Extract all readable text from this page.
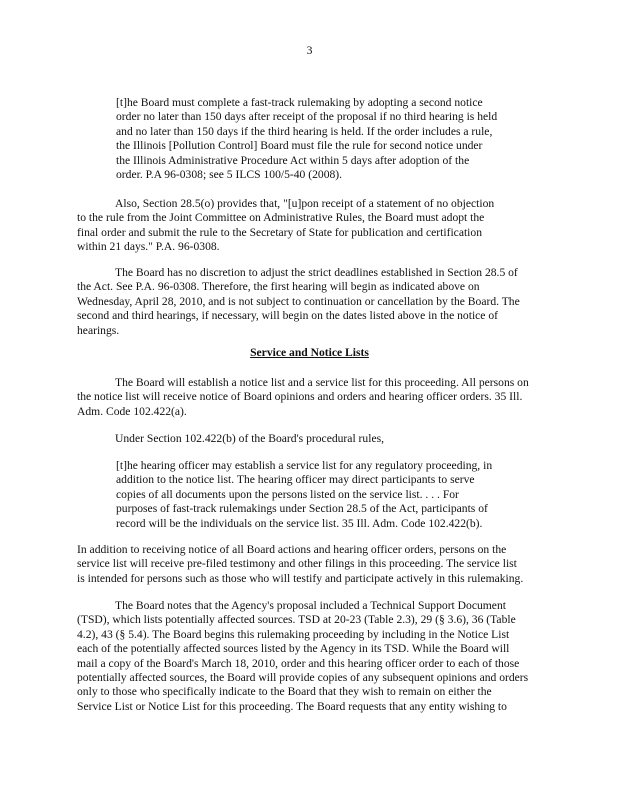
3
[t]he Board must complete a fast-track rulemaking by adopting a second notice
order no later than 150 days after receipt of the proposal if no third hearing is held
and no later than 150 days if the third hearing is held. If the order includes a rule,
the Illinois [Pollution Control] Board must file the rule for second notice under
the Illinois Administrative Procedure Act within 5 days after adoption of the
order. P.A 96-0308; see 5 ILCS 100/5-40 (2008).
Also, Section 28.5(o) provides that, "[u]pon receipt of a statement of no objection
to the rule from the Joint Committee on Administrative Rules, the Board must adopt the
final order and submit the rule to the Secretary of State for publication and certification
within 21 days." P.A. 96-0308.
The Board has no discretion to adjust the strict deadlines established in Section 28.5 of
the Act. See P.A. 96-0308. Therefore, the first hearing will begin as indicated above on
Wednesday, April 28, 2010, and is not subject to continuation or cancellation by the Board. The
second and third hearings, if necessary, will begin on the dates listed above in the notice of
hearings.
Service and Notice Lists
The Board will establish a notice list and a service list for this proceeding. All persons on
the notice list will receive notice of Board opinions and orders and hearing officer orders. 35 Ill.
Adm. Code 102.422(a).
Under Section 102.422(b) of the Board's procedural rules,
[t]he hearing officer may establish a service list for any regulatory proceeding, in
addition to the notice list. The hearing officer may direct participants to serve
copies of all documents upon the persons listed on the service list. . . . For
purposes of fast-track rulemakings under Section 28.5 of the Act, participants of
record will be the individuals on the service list. 35 Ill. Adm. Code 102.422(b).
In addition to receiving notice of all Board actions and hearing officer orders, persons on the
service list will receive pre-filed testimony and other filings in this proceeding. The service list
is intended for persons such as those who will testify and participate actively in this rulemaking.
The Board notes that the Agency's proposal included a Technical Support Document
(TSD), which lists potentially affected sources. TSD at 20-23 (Table 2.3), 29 (§ 3.6), 36 (Table
4.2), 43 (§ 5.4). The Board begins this rulemaking proceeding by including in the Notice List
each of the potentially affected sources listed by the Agency in its TSD. While the Board will
mail a copy of the Board's March 18, 2010, order and this hearing officer order to each of those
potentially affected sources, the Board will provide copies of any subsequent opinions and orders
only to those who specifically indicate to the Board that they wish to remain on either the
Service List or Notice List for this proceeding. The Board requests that any entity wishing to
